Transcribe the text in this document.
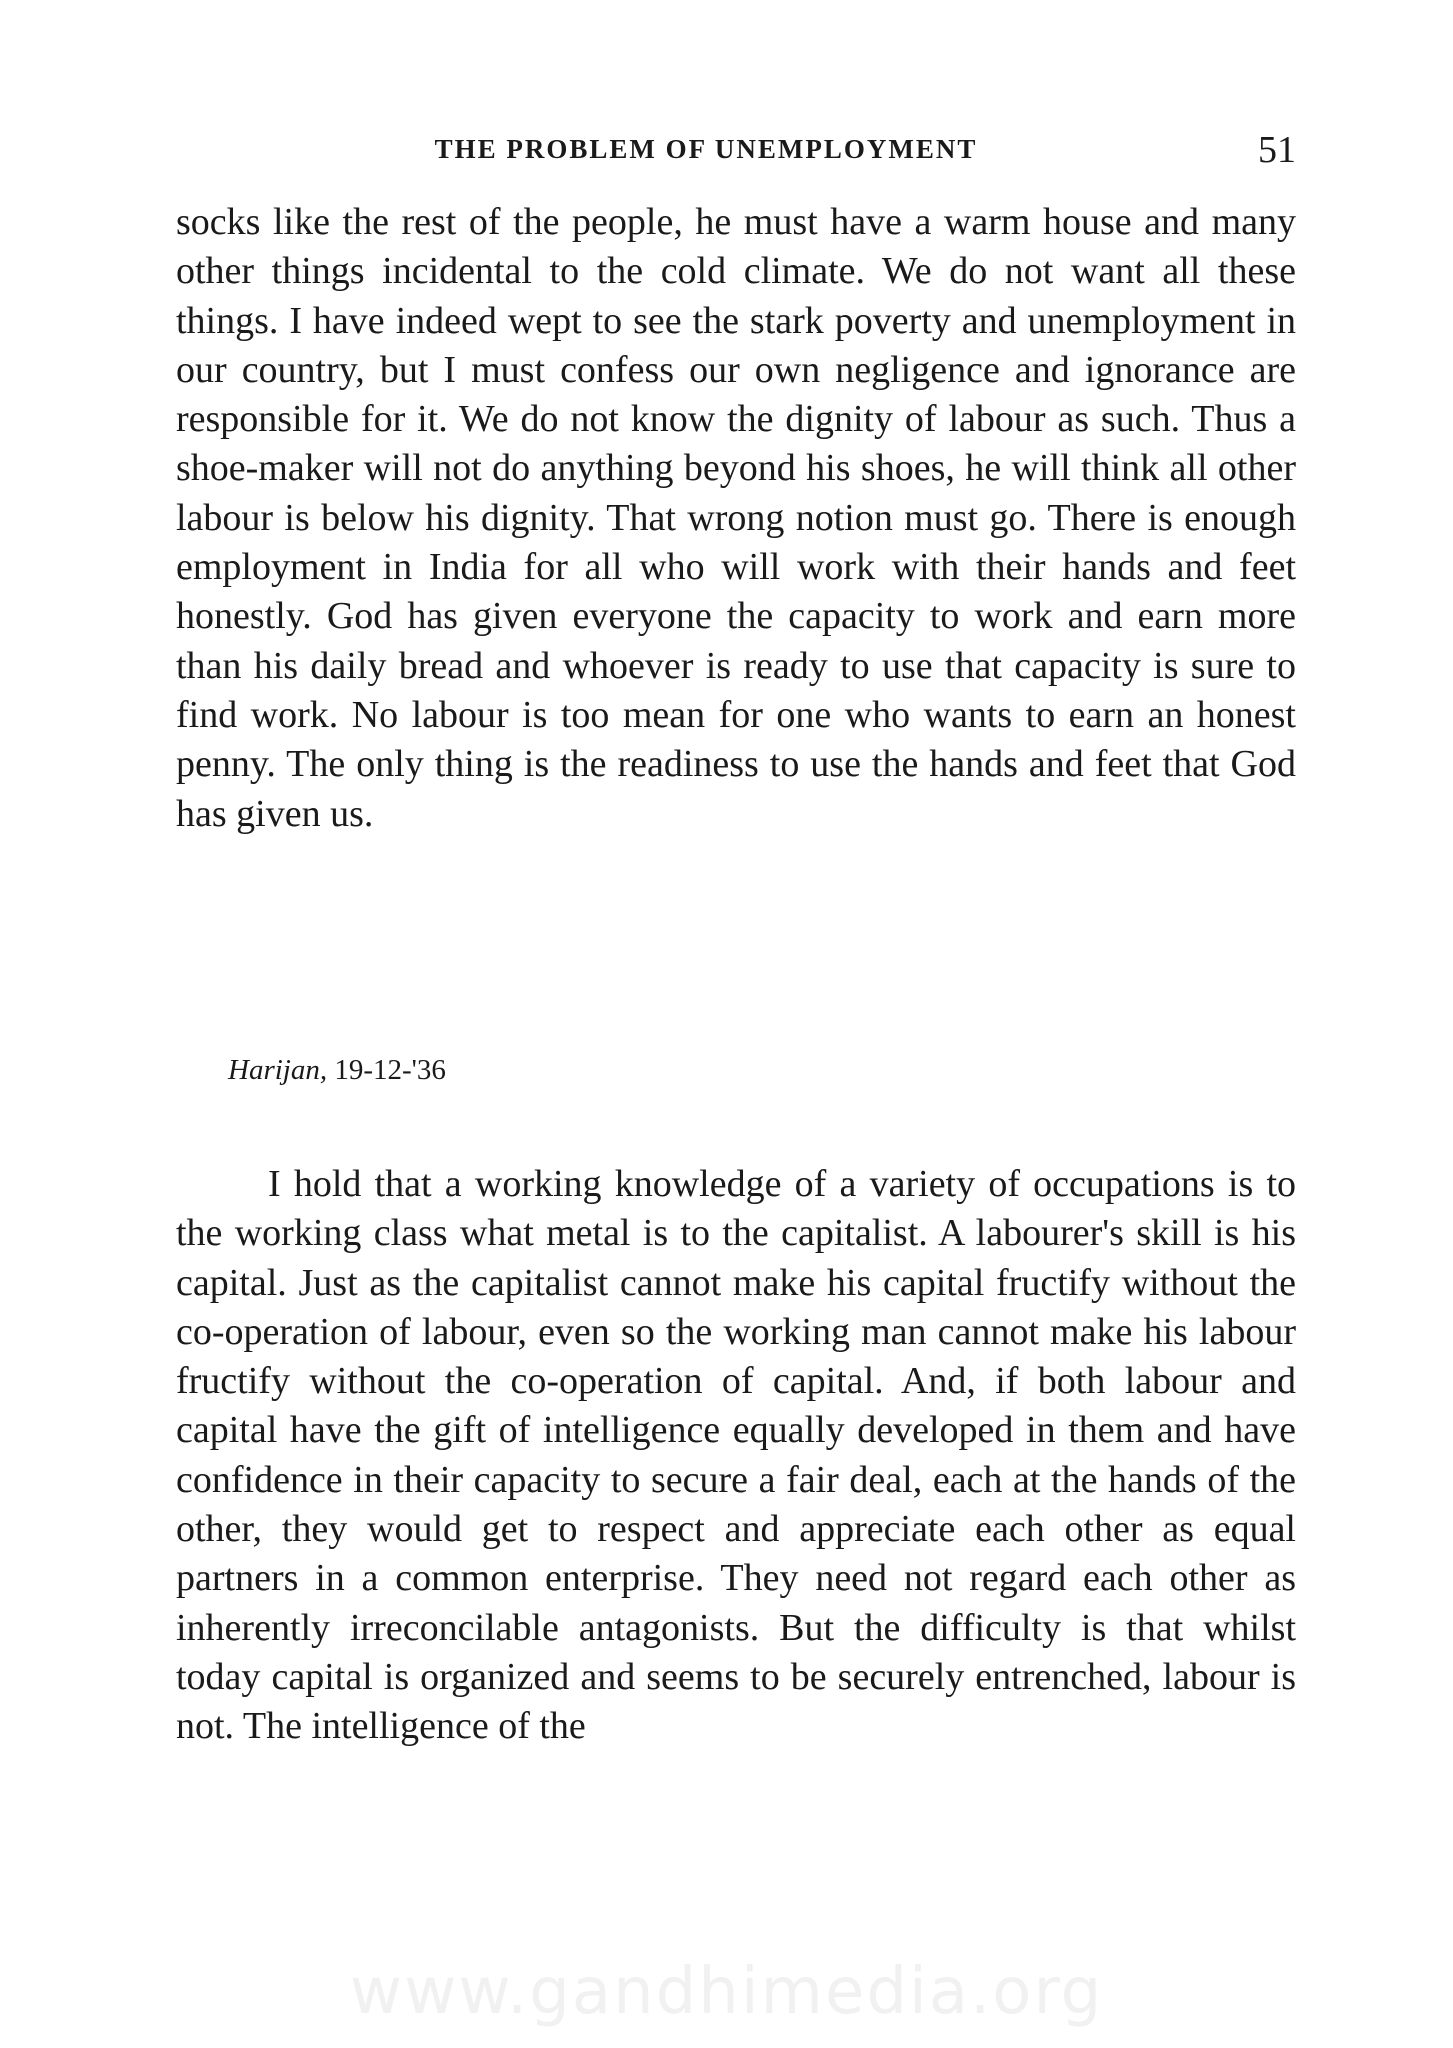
THE PROBLEM OF UNEMPLOYMENT	51

socks like the rest of the people, he must have a warm house and many other things incidental to the cold climate. We do not want all these things. I have indeed wept to see the stark poverty and unemployment in our country, but I must confess our own negligence and ignorance are responsible for it. We do not know the dignity of labour as such. Thus a shoe-maker will not do anything beyond his shoes, he will think all other labour is below his dignity. That wrong notion must go. There is enough employment in India for all who will work with their hands and feet honestly. God has given everyone the capacity to work and earn more than his daily bread and whoever is ready to use that capacity is sure to find work. No labour is too mean for one who wants to earn an honest penny. The only thing is the readiness to use the hands and feet that God has given us.

Harijan, 19-12-'36

I hold that a working knowledge of a variety of occupations is to the working class what metal is to the capitalist. A labourer's skill is his capital. Just as the capitalist cannot make his capital fructify without the co-operation of labour, even so the working man cannot make his labour fructify without the co-operation of capital. And, if both labour and capital have the gift of intelligence equally developed in them and have confidence in their capacity to secure a fair deal, each at the hands of the other, they would get to respect and appreciate each other as equal partners in a common enterprise. They need not regard each other as inherently irreconcilable antagonists. But the difficulty is that whilst today capital is organized and seems to be securely entrenched, labour is not. The intelligence of the

www.gandhimedia.org
